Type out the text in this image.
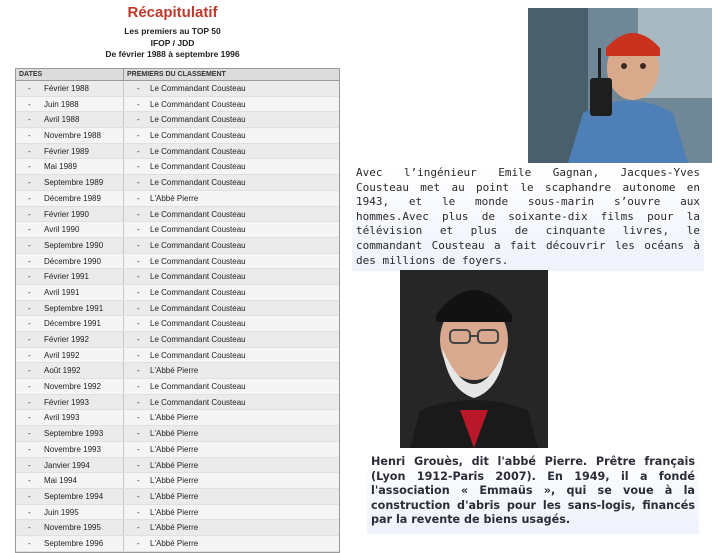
Récapitulatif
Les premiers au TOP 50
IFOP / JDD
De février 1988 à septembre 1996
DATES	PREMIERS DU CLASSEMENT
- Février 1988	- Le Commandant Cousteau
- Juin 1988	- Le Commandant Cousteau
- Avril 1988	- Le Commandant Cousteau
- Novembre 1988	- Le Commandant Cousteau
- Février 1989	- Le Commandant Cousteau
- Mai 1989	- Le Commandant Cousteau
- Septembre 1989	- Le Commandant Cousteau
- Décembre 1989	- L'Abbé Pierre
- Février 1990	- Le Commandant Cousteau
- Avril 1990	- Le Commandant Cousteau
- Septembre 1990	- Le Commandant Cousteau
- Décembre 1990	- Le Commandant Cousteau
- Février 1991	- Le Commandant Cousteau
- Avril 1991	- Le Commandant Cousteau
- Septembre 1991	- Le Commandant Cousteau
- Décembre 1991	- Le Commandant Cousteau
- Février 1992	- Le Commandant Cousteau
- Avril 1992	- Le Commandant Cousteau
- Août 1992	- L'Abbé Pierre
- Novembre 1992	- Le Commandant Cousteau
- Février 1993	- Le Commandant Cousteau
- Avril 1993	- L'Abbé Pierre
- Septembre 1993	- L'Abbé Pierre
- Novembre 1993	- L'Abbé Pierre
- Janvier 1994	- L'Abbé Pierre
- Mai 1994	- L'Abbé Pierre
- Septembre 1994	- L'Abbé Pierre
- Juin 1995	- L'Abbé Pierre
- Novembre 1995	- L'Abbé Pierre
- Septembre 1996	- L'Abbé Pierre
Avec l’ingénieur Emile Gagnan, Jacques-Yves Cousteau met au point le scaphandre autonome en 1943, et le monde sous-marin s’ouvre aux hommes.Avec plus de soixante-dix films pour la télévision et plus de cinquante livres, le commandant Cousteau a fait découvrir les océans à des millions de foyers.
Henri Grouès, dit l'abbé Pierre. Prêtre français (Lyon 1912-Paris 2007). En 1949, il a fondé l'association « Emmaüs », qui se voue à la construction d'abris pour les sans-logis, financés par la revente de biens usagés.
